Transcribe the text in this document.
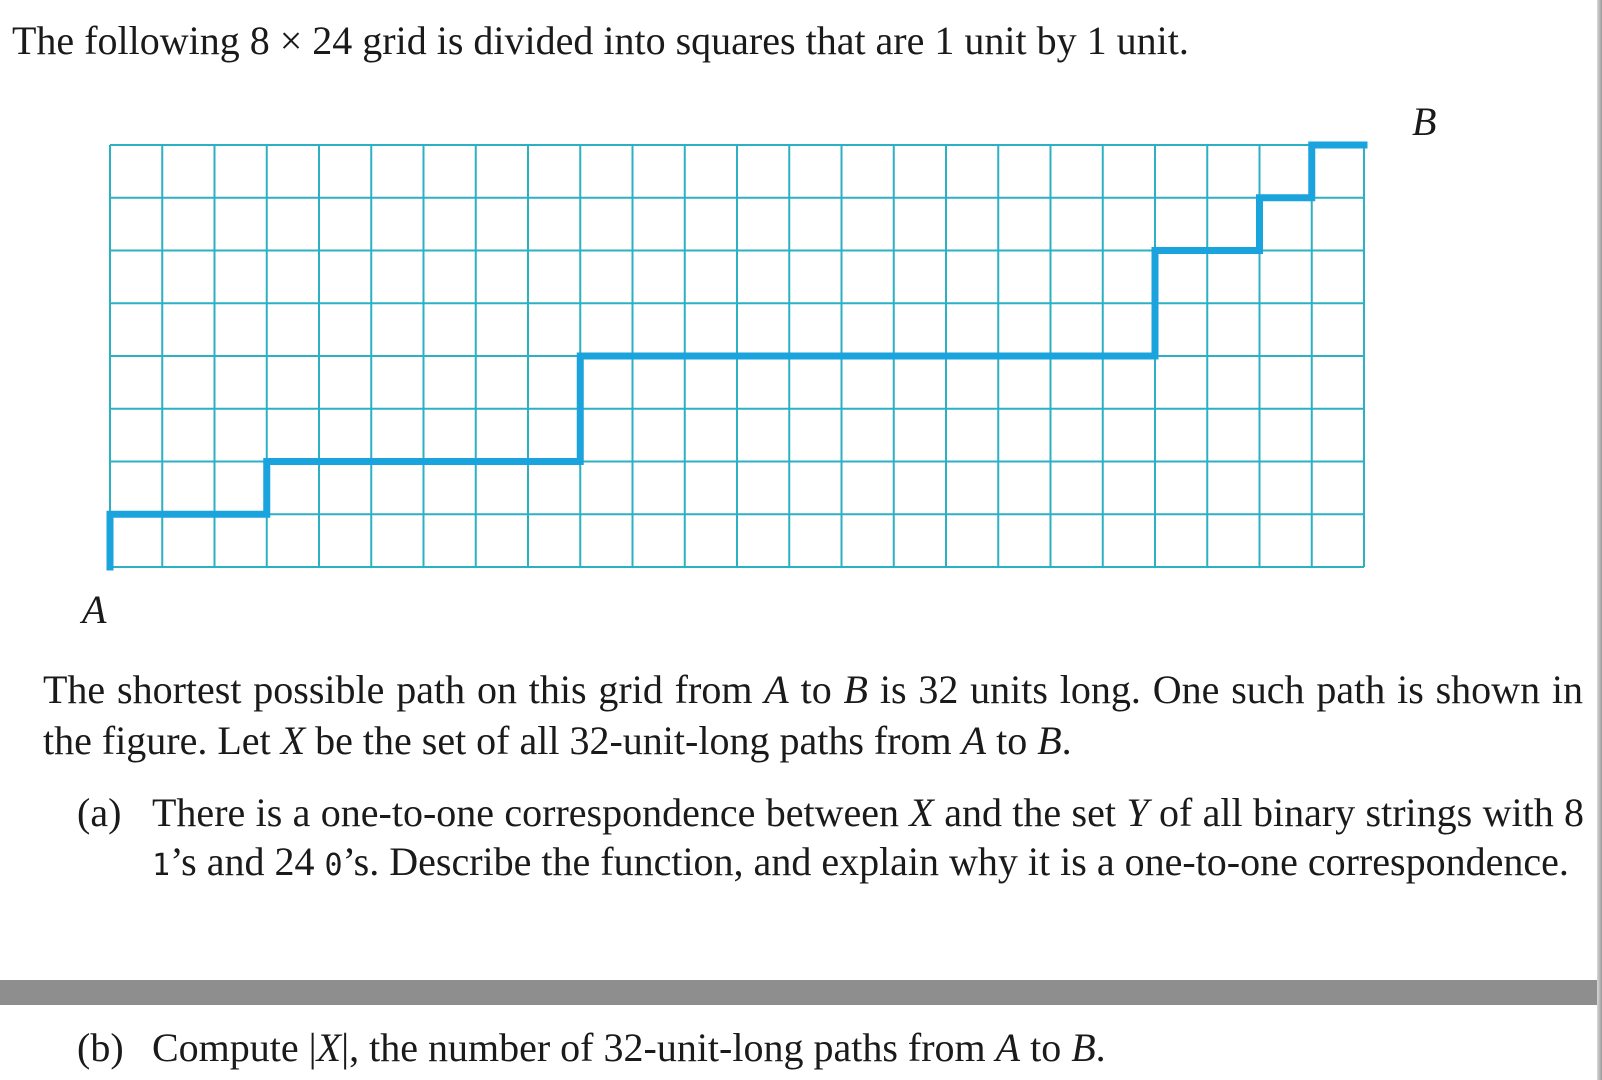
The following 8 × 24 grid is divided into squares that are 1 unit by 1 unit.
A
B
The shortest possible path on this grid from A to B is 32 units long. One such path is shown in the figure. Let X be the set of all 32-unit-long paths from A to B.
(a) There is a one-to-one correspondence between X and the set Y of all binary strings with 8 1’s and 24 0’s. Describe the function, and explain why it is a one-to-one correspondence.
(b) Compute |X|, the number of 32-unit-long paths from A to B.
